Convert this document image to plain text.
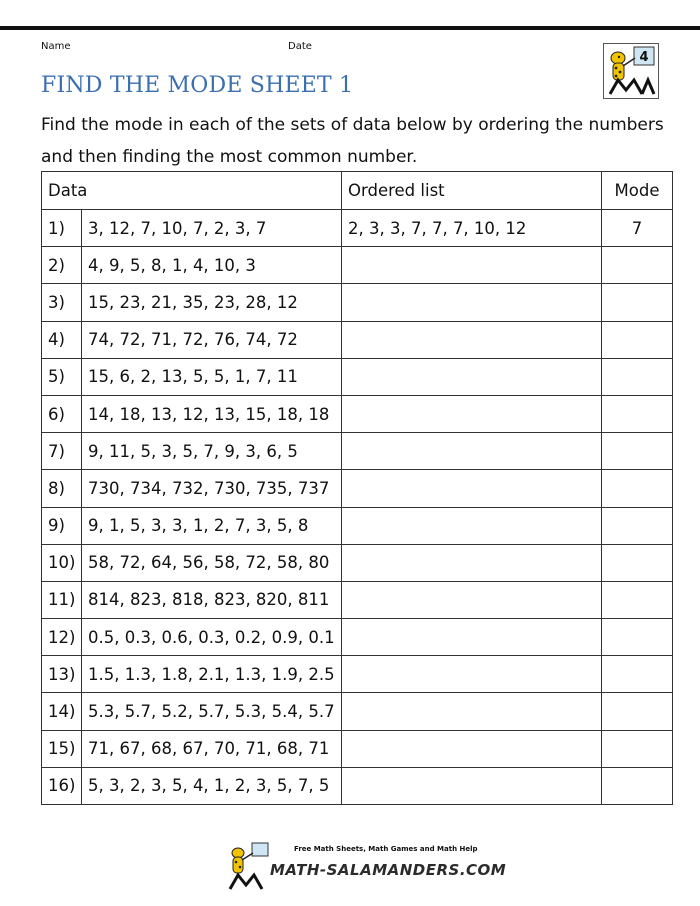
Name	Date
FIND THE MODE SHEET 1
4
Find the mode in each of the sets of data below by ordering the numbers and then finding the most common number.
Data		Ordered list	Mode

1)	3, 12, 7, 10, 7, 2, 3, 7	2, 3, 3, 7, 7, 7, 10, 12	7
2)	4, 9, 5, 8, 1, 4, 10, 3		
3)	15, 23, 21, 35, 23, 28, 12		
4)	74, 72, 71, 72, 76, 74, 72		
5)	15, 6, 2, 13, 5, 5, 1, 7, 11		
6)	14, 18, 13, 12, 13, 15, 18, 18		
7)	9, 11, 5, 3, 5, 7, 9, 3, 6, 5		
8)	730, 734, 732, 730, 735, 737		
9)	9, 1, 5, 3, 3, 1, 2, 7, 3, 5, 8		
10)	58, 72, 64, 56, 58, 72, 58, 80		
11)	814, 823, 818, 823, 820, 811		
12)	0.5, 0.3, 0.6, 0.3, 0.2, 0.9, 0.1		
13)	1.5, 1.3, 1.8, 2.1, 1.3, 1.9, 2.5		
14)	5.3, 5.7, 5.2, 5.7, 5.3, 5.4, 5.7		
15)	71, 67, 68, 67, 70, 71, 68, 71		
16)	5, 3, 2, 3, 5, 4, 1, 2, 3, 5, 7, 5		
Free Math Sheets, Math Games and Math Help
MATH-SALAMANDERS.COM
